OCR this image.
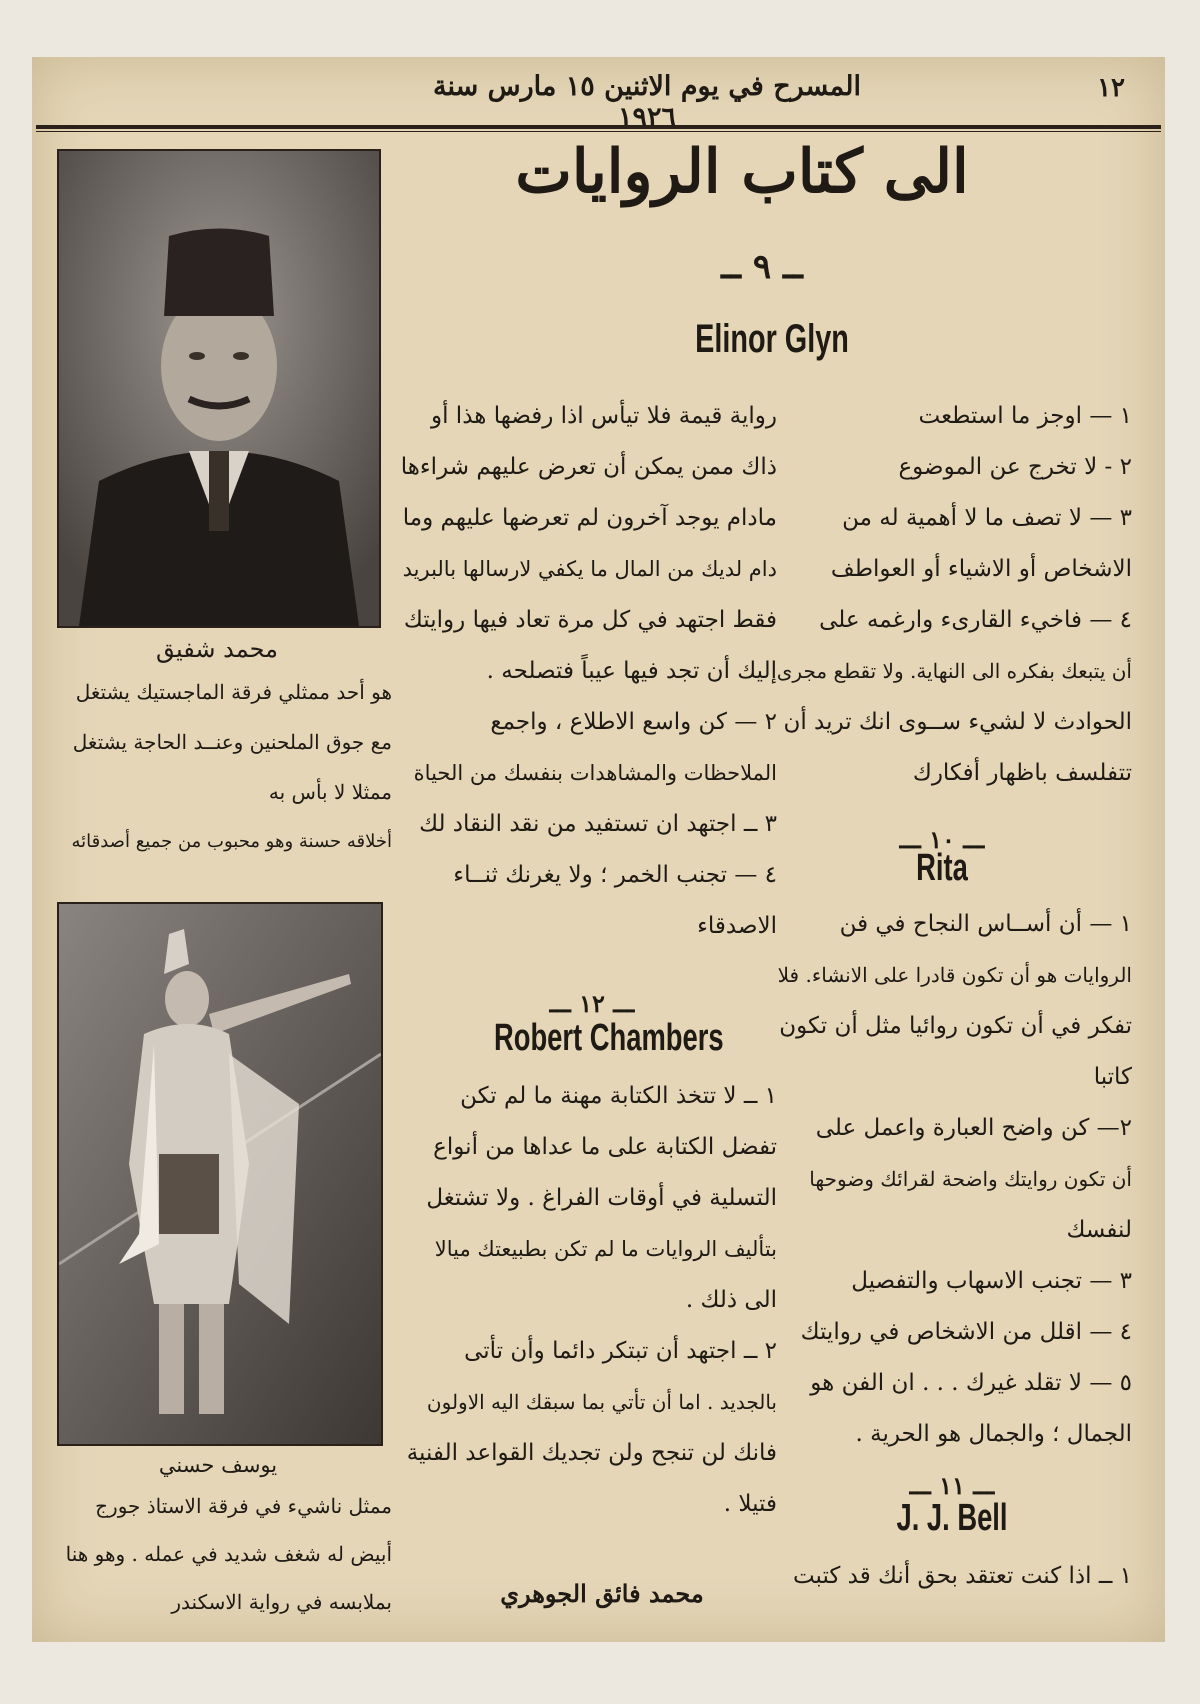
١٢
المسرح في يوم الاثنين ١٥ مارس سنة ١٩٢٦
الى كتاب الروايات
ــ ٩ ــ
Elinor Glyn
١ — اوجز ما استطعت
٢ - لا تخرج عن الموضوع
٣ — لا تصف ما لا أهمية له من
الاشخاص أو الاشياء أو العواطف
٤ — فاخيء القارىء وارغمه على
أن يتبعك بفكره الى النهاية. ولا تقطع مجرى
الحوادث لا لشيء ســوى انك تريد أن
تتفلسف باظهار أفكارك
ـــ ١٠ ـــ
Rita
١ — أن أســاس النجاح في فن
الروايات هو أن تكون قادرا على الانشاء. فلا
تفكر في أن تكون روائيا مثل أن تكون
كاتبا
٢— كن واضح العبارة واعمل على
أن تكون روايتك واضحة لقرائك وضوحها
لنفسك
٣ — تجنب الاسهاب والتفصيل
٤ — اقلل من الاشخاص في روايتك
٥ — لا تقلد غيرك . . . ان الفن هو
الجمال ؛ والجمال هو الحرية .
ـــ ١١ ـــ
J. J. Bell
١ ــ اذا كنت تعتقد بحق أنك قد كتبت
رواية قيمة فلا تيأس اذا رفضها هذا أو
ذاك ممن يمكن أن تعرض عليهم شراءها
مادام يوجد آخرون لم تعرضها عليهم وما
دام لديك من المال ما يكفي لارسالها بالبريد
فقط اجتهد في كل مرة تعاد فيها روايتك
إليك أن تجد فيها عيباً فتصلحه .
٢ — كن واسع الاطلاع ، واجمع
الملاحظات والمشاهدات بنفسك من الحياة
٣ ــ اجتهد ان تستفيد من نقد النقاد لك
٤ — تجنب الخمر ؛ ولا يغرنك ثنــاء
الاصدقاء
ـــ ١٢ ـــ
Robert Chambers
١ ــ لا تتخذ الكتابة مهنة ما لم تكن
تفضل الكتابة على ما عداها من أنواع
التسلية في أوقات الفراغ . ولا تشتغل
بتأليف الروايات ما لم تكن بطبيعتك ميالا
الى ذلك .
٢ ــ اجتهد أن تبتكر دائما وأن تأتى
بالجديد . اما أن تأتي بما سبقك اليه الاولون
فانك لن تنجح ولن تجديك القواعد الفنية
فتيلا .
محمد فائق الجوهري
محمد شفيق
هو أحد ممثلي فرقة الماجستيك يشتغل
مع جوق الملحنين وعنــد الحاجة يشتغل
ممثلا لا بأس به
أخلاقه حسنة وهو محبوب من جميع أصدقائه
يوسف حسني
ممثل ناشيء في فرقة الاستاذ جورج
أبيض له شغف شديد في عمله . وهو هنا
بملابسه في رواية الاسكندر
